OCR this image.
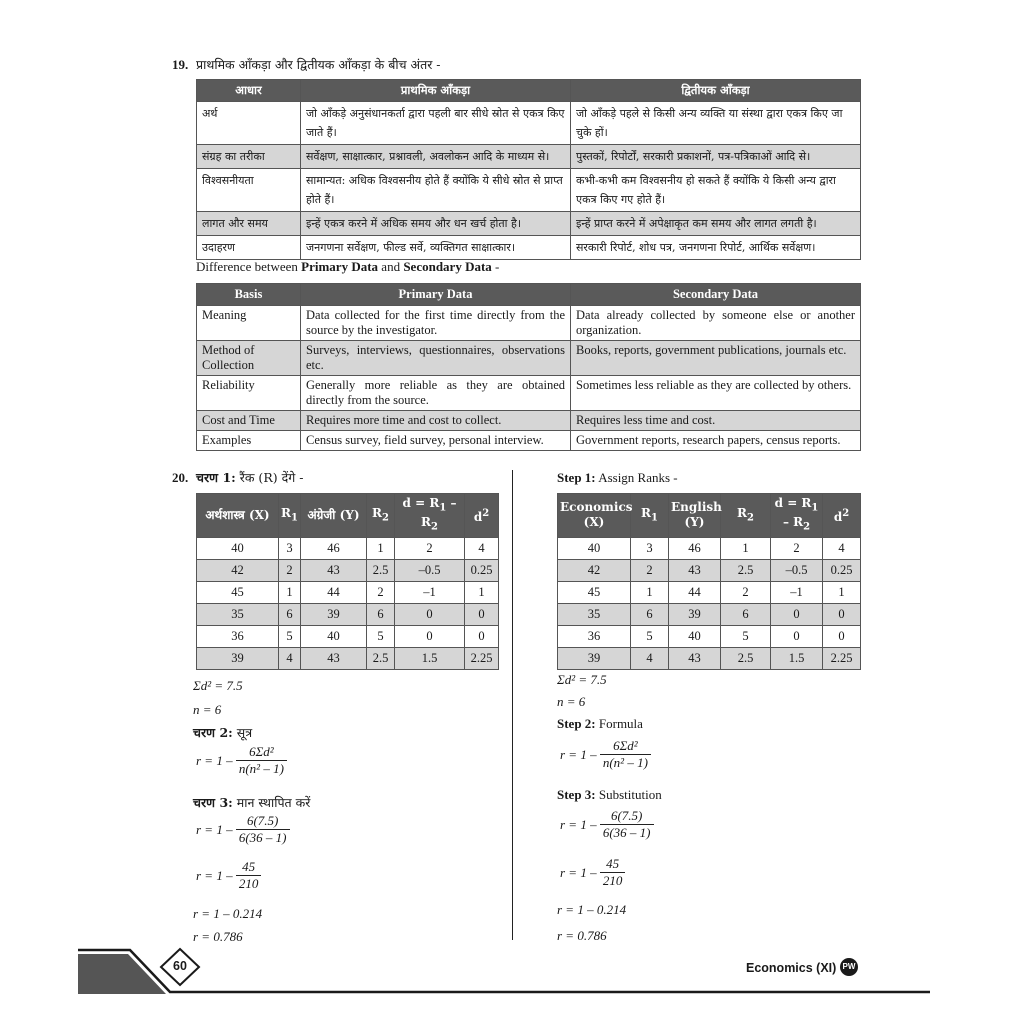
19. प्राथमिक आँकड़ा और द्वितीयक आँकड़ा के बीच अंतर -
आधार	प्राथमिक आँकड़ा	द्वितीयक आँकड़ा
अर्थ	जो आँकड़े अनुसंधानकर्ता द्वारा पहली बार सीधे स्रोत से एकत्र किए जाते हैं।	जो आँकड़े पहले से किसी अन्य व्यक्ति या संस्था द्वारा एकत्र किए जा चुके हों।
संग्रह का तरीका	सर्वेक्षण, साक्षात्कार, प्रश्नावली, अवलोकन आदि के माध्यम से।	पुस्तकों, रिपोर्टों, सरकारी प्रकाशनों, पत्र-पत्रिकाओं आदि से।
विश्वसनीयता	सामान्यत: अधिक विश्वसनीय होते हैं क्योंकि ये सीधे स्रोत से प्राप्त होते हैं।	कभी-कभी कम विश्वसनीय हो सकते हैं क्योंकि ये किसी अन्य द्वारा एकत्र किए गए होते हैं।
लागत और समय	इन्हें एकत्र करने में अधिक समय और धन खर्च होता है।	इन्हें प्राप्त करने में अपेक्षाकृत कम समय और लागत लगती है।
उदाहरण	जनगणना सर्वेक्षण, फील्ड सर्वे, व्यक्तिगत साक्षात्कार।	सरकारी रिपोर्ट, शोध पत्र, जनगणना रिपोर्ट, आर्थिक सर्वेक्षण।
Difference between Primary Data and Secondary Data -
Basis	Primary Data	Secondary Data
Meaning	Data collected for the first time directly from the source by the investigator.	Data already collected by someone else or another organization.
Method of Collection	Surveys, interviews, questionnaires, observations etc.	Books, reports, government publications, journals etc.
Reliability	Generally more reliable as they are obtained directly from the source.	Sometimes less reliable as they are collected by others.
Cost and Time	Requires more time and cost to collect.	Requires less time and cost.
Examples	Census survey, field survey, personal interview.	Government reports, research papers, census reports.
20. चरण 1: रैंक (R) देंगे -
अर्थशास्त्र (X)	$R_1$	अंग्रेजी (Y)	$R_2$	$d = R_1 - R_2$	$d^2$
40	3	46	1	2	4
42	2	43	2.5	–0.5	0.25
45	1	44	2	–1	1
35	6	39	6	0	0
36	5	40	5	0	0
39	4	43	2.5	1.5	2.25
Σd² = 7.5
n = 6
चरण 2: सूत्र
$r = 1 - \frac{\text{6Σd²}}{\text{n(n² – 1)}}$
चरण 3: मान स्थापित करें
$r = 1 - \frac{6(7.5)}{6(36 - 1)}$
$r = 1 - \frac{45}{210}$
r = 1 – 0.214
r = 0.786
Step 1: Assign Ranks -
Economics (X)	$R_1$	English (Y)	$R_2$	$d = R_1 - R_2$	$d^2$
40	3	46	1	2	4
42	2	43	2.5	–0.5	0.25
45	1	44	2	–1	1
35	6	39	6	0	0
36	5	40	5	0	0
39	4	43	2.5	1.5	2.25
Σd² = 7.5
n = 6
Step 2: Formula
$r = 1 - \frac{\text{6Σd²}}{\text{n(n² – 1)}}$
Step 3: Substitution
$r = 1 - \frac{6(7.5)}{6(36 - 1)}$
$r = 1 - \frac{45}{210}$
r = 1 – 0.214
r = 0.786
60	Economics (XI) PW
